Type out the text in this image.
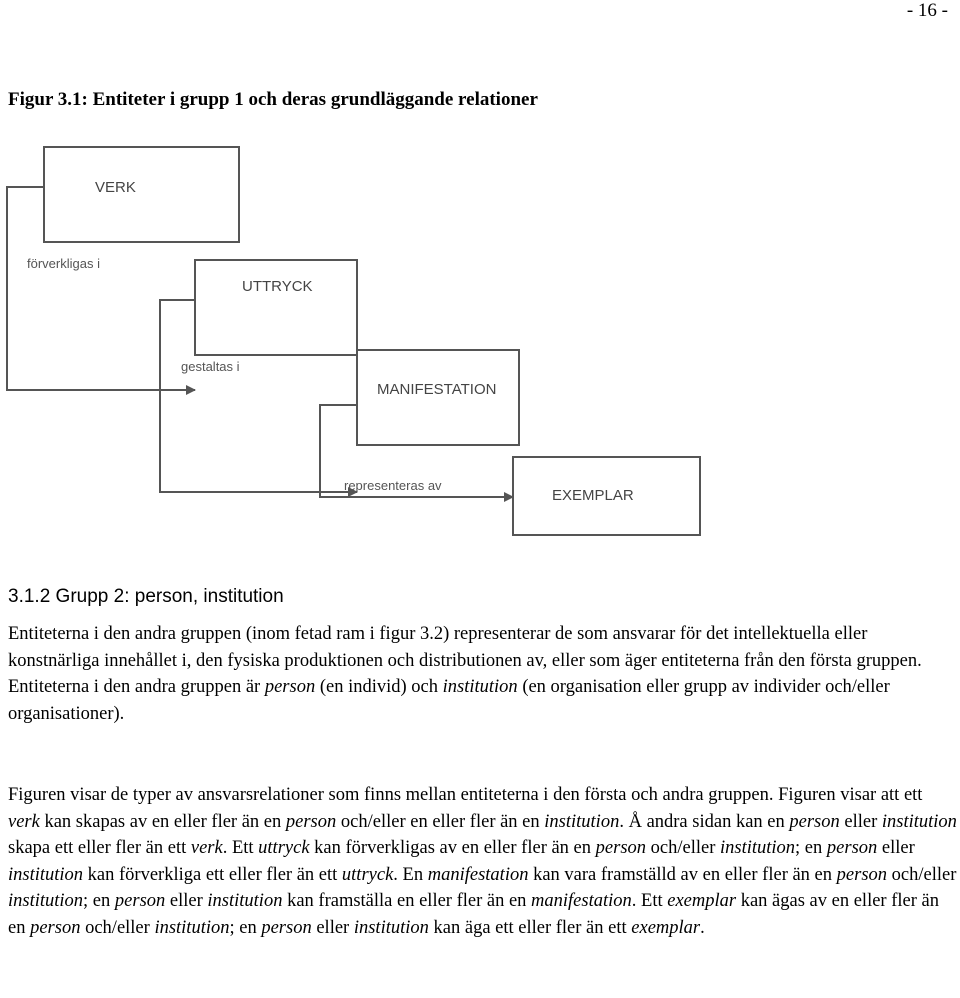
- 16 -
Figur 3.1: Entiteter i grupp 1 och deras grundläggande relationer
VERK
UTTRYCK
MANIFESTATION
EXEMPLAR
förverkligas i
gestaltas i
representeras av
3.1.2 Grupp 2: person, institution

Entiteterna i den andra gruppen (inom fetad ram i figur 3.2) representerar de som ansvarar för det intellektuella eller konstnärliga innehållet i, den fysiska produktionen och distributionen av, eller som äger entiteterna från den första gruppen. Entiteterna i den andra gruppen är person (en individ) och institution (en organisation eller grupp av individer och/eller organisationer).

Figuren visar de typer av ansvarsrelationer som finns mellan entiteterna i den första och andra gruppen. Figuren visar att ett verk kan skapas av en eller fler än en person och/eller en eller fler än en institution. Å andra sidan kan en person eller institution skapa ett eller fler än ett verk. Ett uttryck kan förverkligas av en eller fler än en person och/eller institution; en person eller institution kan förverkliga ett eller fler än ett uttryck. En manifestation kan vara framställd av en eller fler än en person och/eller institution; en person eller institution kan framställa en eller fler än en manifestation. Ett exemplar kan ägas av en eller fler än en person och/eller institution; en person eller institution kan äga ett eller fler än ett exemplar.
